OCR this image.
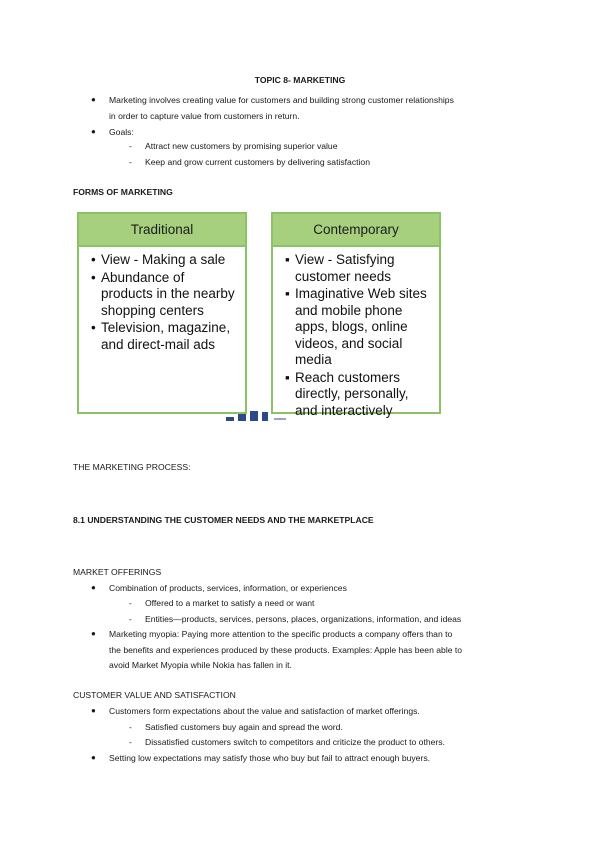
TOPIC 8- MARKETING
● Marketing involves creating value for customers and building strong customer relationships
in order to capture value from customers in return.
● Goals:
- Attract new customers by promising superior value
- Keep and grow current customers by delivering satisfaction
FORMS OF MARKETING
Traditional
• View - Making a sale
• Abundance of products in the nearby shopping centers
• Television, magazine, and direct-mail ads
Contemporary
▪ View - Satisfying customer needs
▪ Imaginative Web sites and mobile phone apps, blogs, online videos, and social media
▪ Reach customers directly, personally, and interactively
THE MARKETING PROCESS:
8.1 UNDERSTANDING THE CUSTOMER NEEDS AND THE MARKETPLACE
MARKET OFFERINGS
● Combination of products, services, information, or experiences
- Offered to a market to satisfy a need or want
- Entities—products, services, persons, places, organizations, information, and ideas
● Marketing myopia: Paying more attention to the specific products a company offers than to
the benefits and experiences produced by these products. Examples: Apple has been able to
avoid Market Myopia while Nokia has fallen in it.
CUSTOMER VALUE AND SATISFACTION
● Customers form expectations about the value and satisfaction of market offerings.
- Satisfied customers buy again and spread the word.
- Dissatisfied customers switch to competitors and criticize the product to others.
● Setting low expectations may satisfy those who buy but fail to attract enough buyers.
